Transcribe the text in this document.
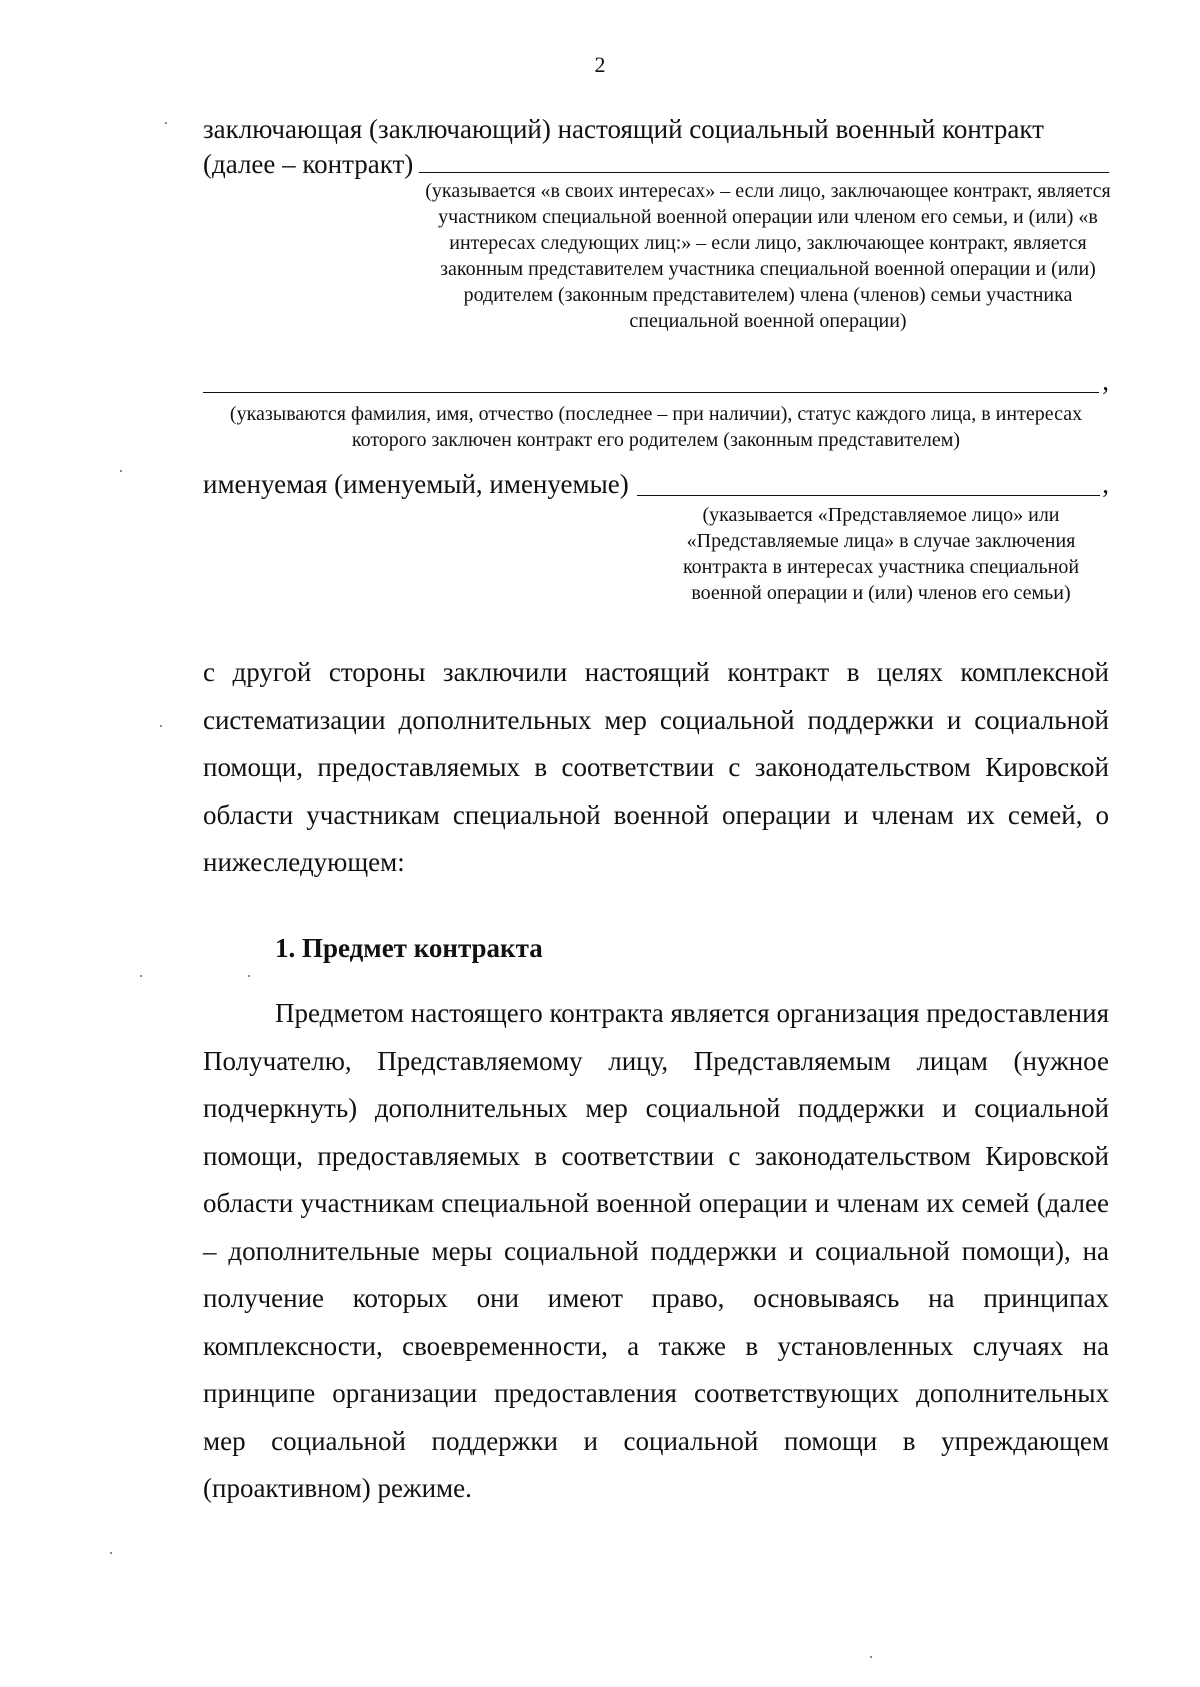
2
заключающая (заключающий) настоящий социальный военный контракт
(далее – контракт)
(указывается «в своих интересах» – если лицо, заключающее контракт, является участником специальной военной операции или членом его семьи, и (или) «в интересах следующих лиц:» – если лицо, заключающее контракт, является законным представителем участника специальной военной операции и (или) родителем (законным представителем) члена (членов) семьи участника специальной военной операции)
,
(указываются фамилия, имя, отчество (последнее – при наличии), статус каждого лица, в интересах которого заключен контракт его родителем (законным представителем)
именуемая (именуемый, именуемые)	,
(указывается «Представляемое лицо» или «Представляемые лица» в случае заключения контракта в интересах участника специальной военной операции и (или) членов его семьи)
с другой стороны заключили настоящий контракт в целях комплексной систематизации дополнительных мер социальной поддержки и социальной помощи, предоставляемых в соответствии с законодательством Кировской области участникам специальной военной операции и членам их семей, о нижеследующем:
1. Предмет контракта
Предметом настоящего контракта является организация предоставления Получателю, Представляемому лицу, Представляемым лицам (нужное подчеркнуть) дополнительных мер социальной поддержки и социальной помощи, предоставляемых в соответствии с законодательством Кировской области участникам специальной военной операции и членам их семей (далее – дополнительные меры социальной поддержки и социальной помощи), на получение которых они имеют право, основываясь на принципах комплексности, своевременности, а также в установленных случаях на принципе организации предоставления соответствующих дополнительных мер социальной поддержки и социальной помощи в упреждающем (проактивном) режиме.
